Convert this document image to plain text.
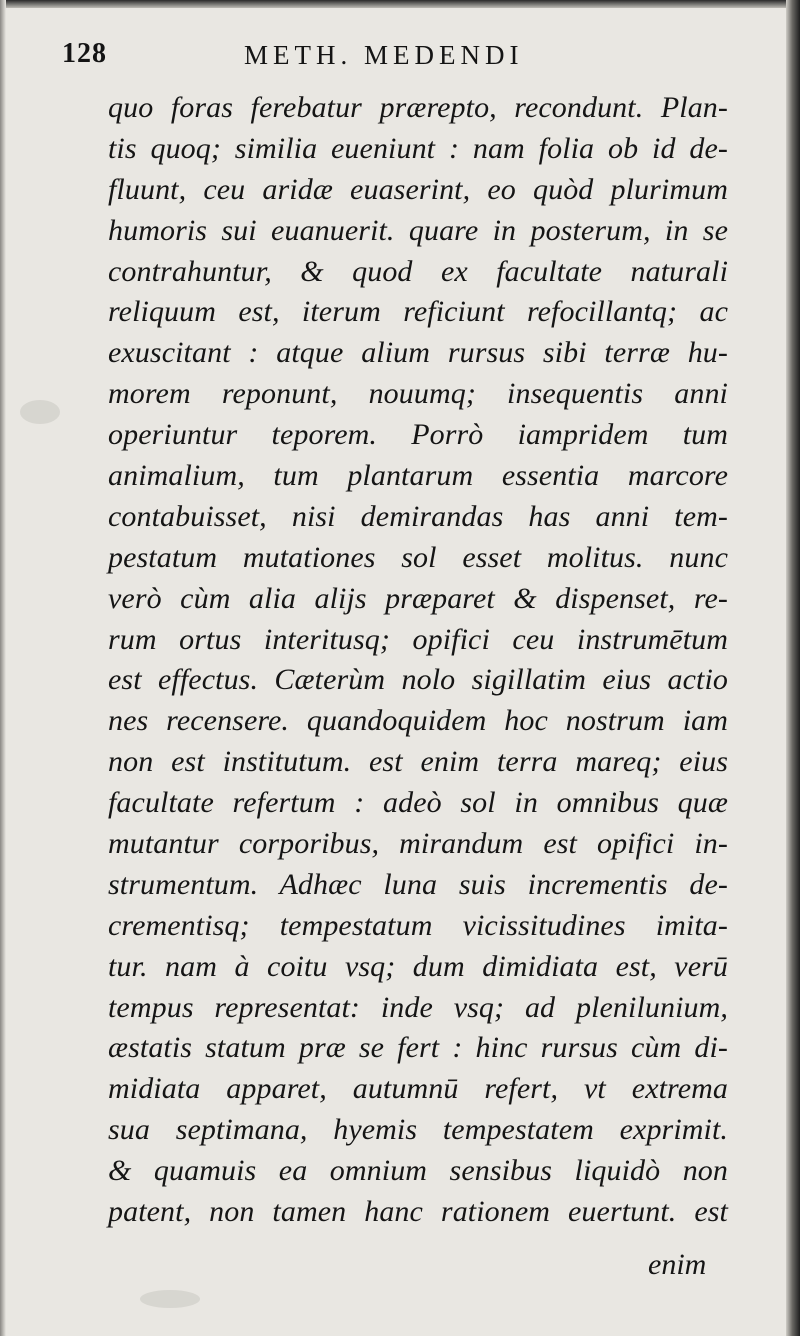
128	METH. MEDENDI
quo foras ferebatur prærepto, recondunt. Plan-
tis quoq; similia eueniunt : nam folia ob id de-
fluunt, ceu aridæ euaserint, eo quòd plurimum
humoris sui euanuerit. quare in posterum, in se
contrahuntur, & quod ex facultate naturali
reliquum est, iterum reficiunt refocillantq; ac
exuscitant : atque alium rursus sibi terræ hu-
morem reponunt, nouumq; insequentis anni
operiuntur teporem. Porrò iampridem tum
animalium, tum plantarum essentia marcore
contabuisset, nisi demirandas has anni tem-
pestatum mutationes sol esset molitus. nunc
verò cùm alia alijs præparet & dispenset, re-
rum ortus interitusq; opifici ceu instrumētum
est effectus. Cæterùm nolo sigillatim eius actio
nes recensere. quandoquidem hoc nostrum iam
non est institutum. est enim terra mareq; eius
facultate refertum : adeò sol in omnibus quæ
mutantur corporibus, mirandum est opifici in-
strumentum. Adhæc luna suis incrementis de-
crementisq; tempestatum vicissitudines imita-
tur. nam à coitu vsq; dum dimidiata est, verū
tempus representat: inde vsq; ad plenilunium,
æstatis statum præ se fert : hinc rursus cùm di-
midiata apparet, autumnū refert, vt extrema
sua septimana, hyemis tempestatem exprimit.
& quamuis ea omnium sensibus liquidò non
patent, non tamen hanc rationem euertunt. est
enim
